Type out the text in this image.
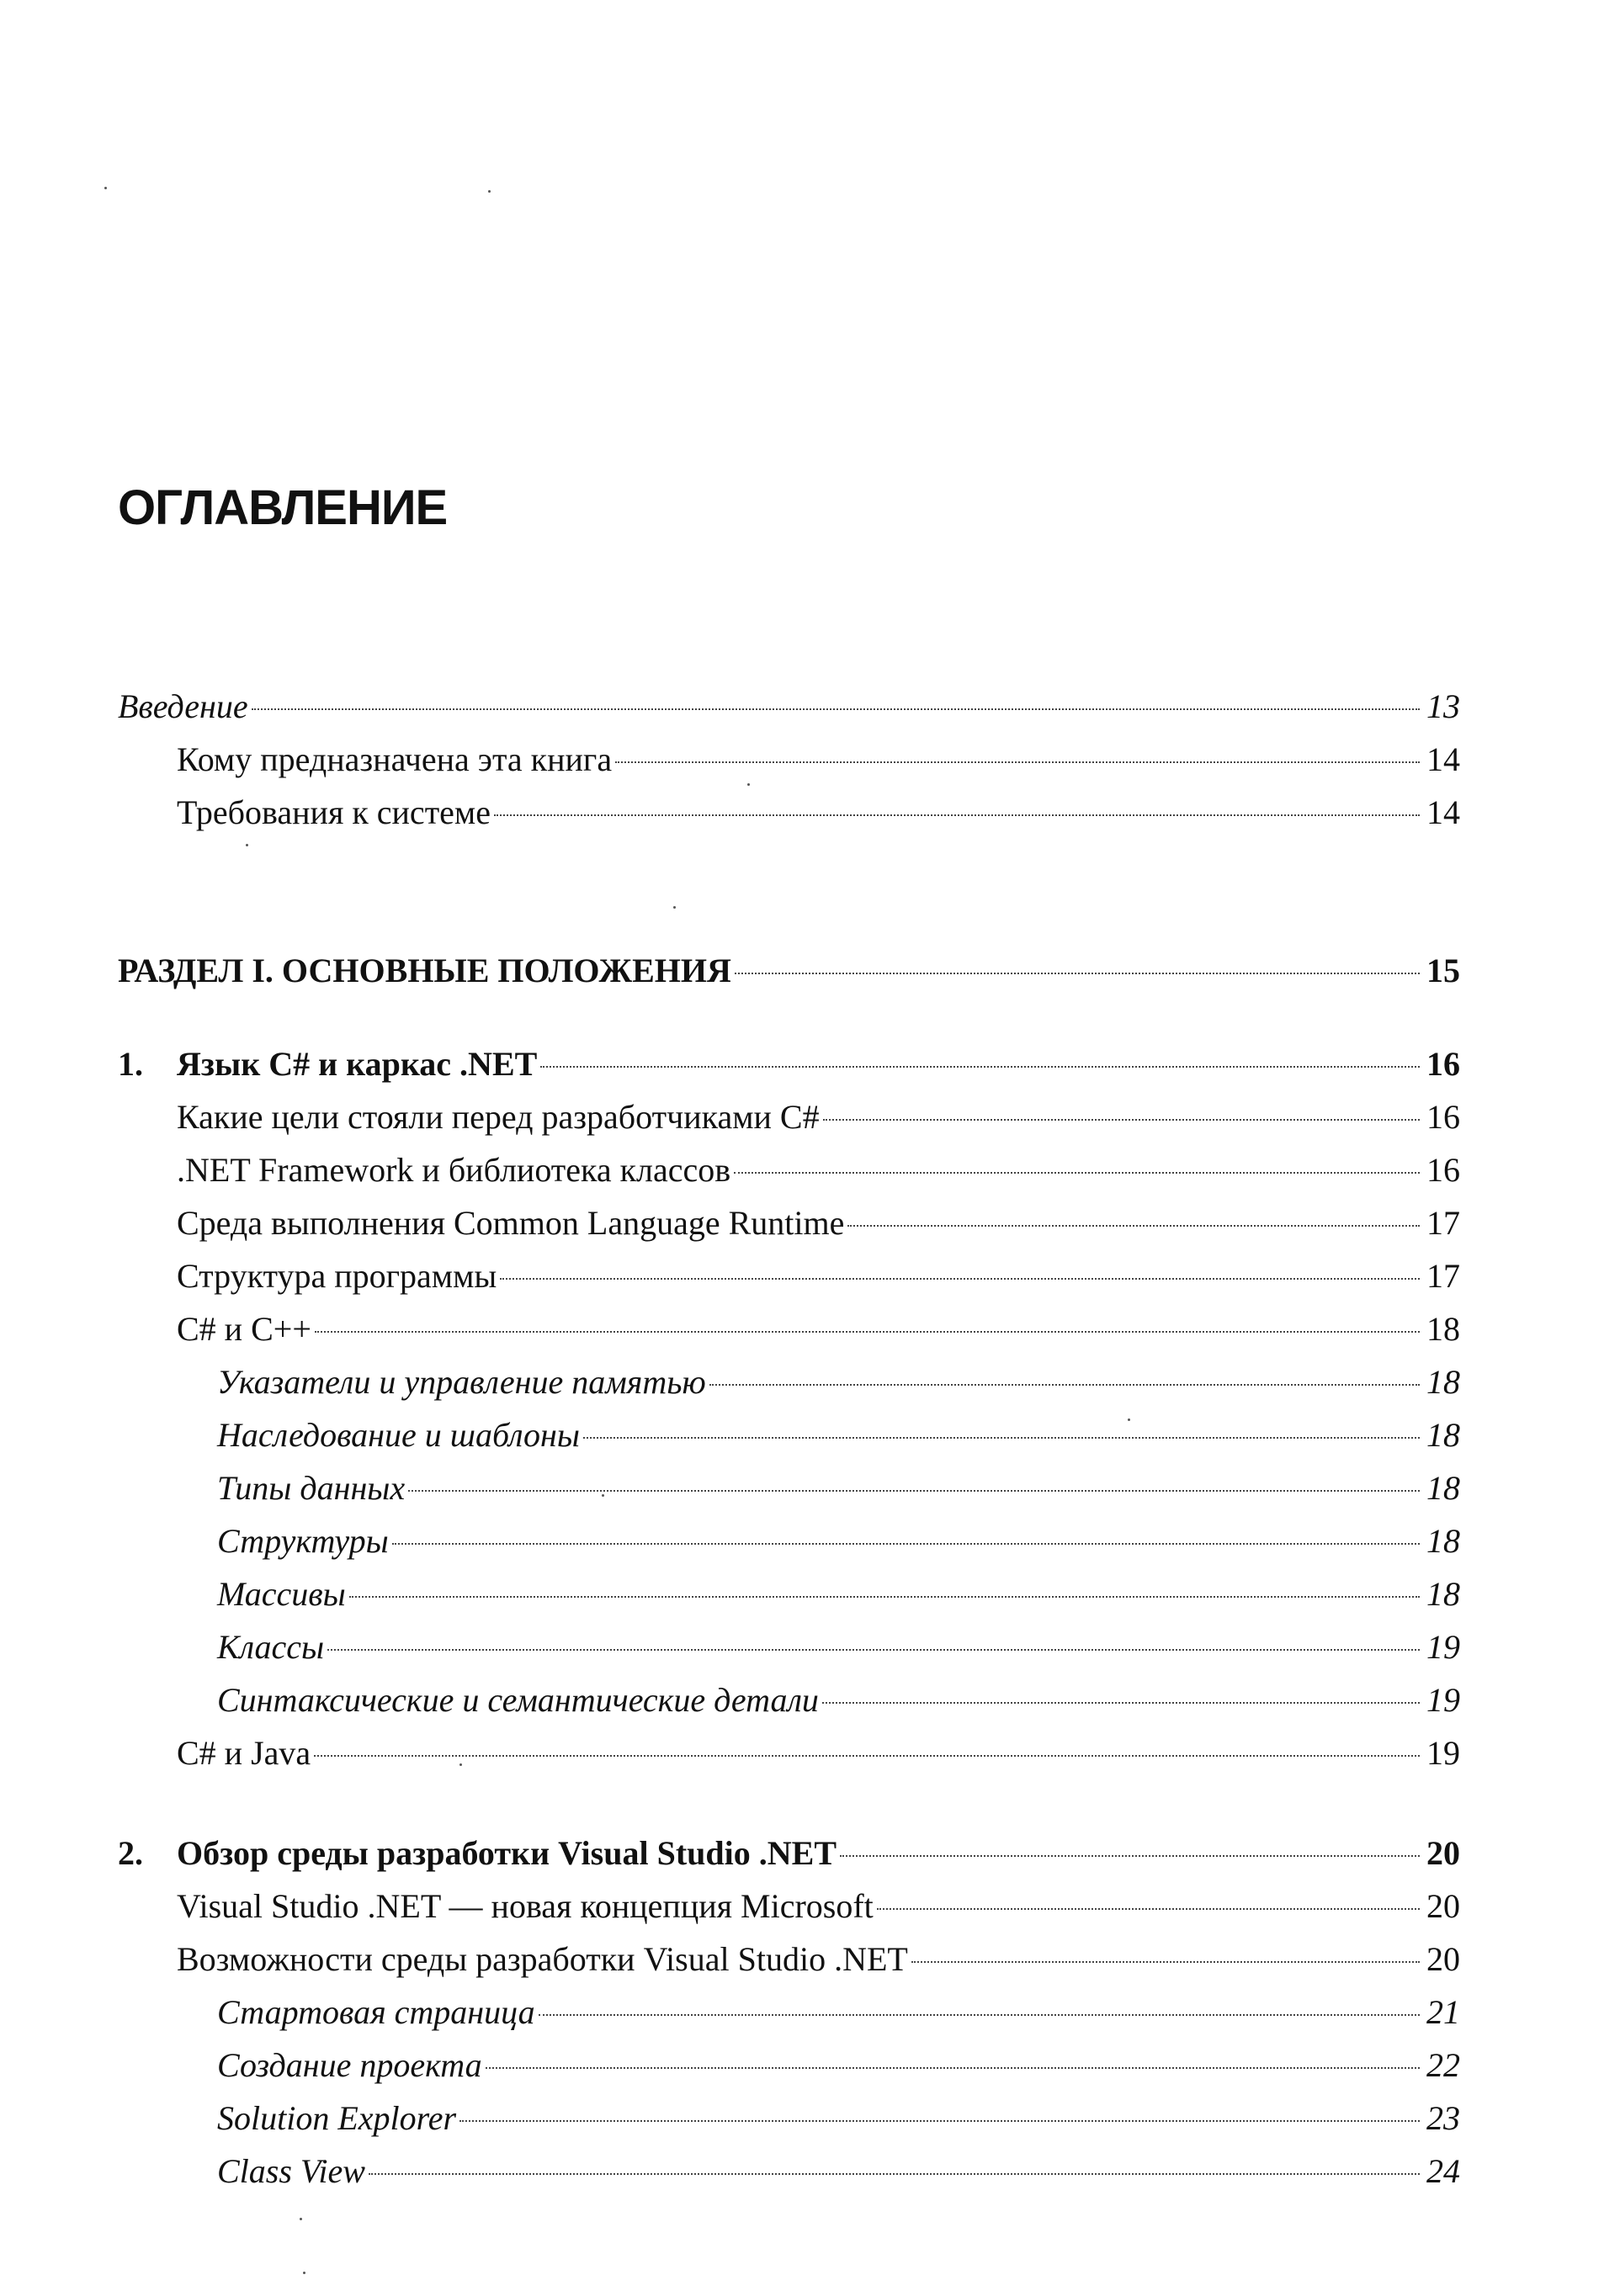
ОГЛАВЛЕНИЕ
Введение	13
Кому предназначена эта книга	14
Требования к системе	14
РАЗДЕЛ I. ОСНОВНЫЕ ПОЛОЖЕНИЯ	15
1. Язык C# и каркас .NET	16
Какие цели стояли перед разработчиками C#	16
.NET Framework и библиотека классов	16
Среда выполнения Common Language Runtime	17
Структура программы	17
C# и C++	18
Указатели и управление памятью	18
Наследование и шаблоны	18
Типы данных	18
Структуры	18
Массивы	18
Классы	19
Синтаксические и семантические детали	19
C# и Java	19
2. Обзор среды разработки Visual Studio .NET	20
Visual Studio .NET — новая концепция Microsoft	20
Возможности среды разработки Visual Studio .NET	20
Стартовая страница	21
Создание проекта	22
Solution Explorer	23
Class View	24
